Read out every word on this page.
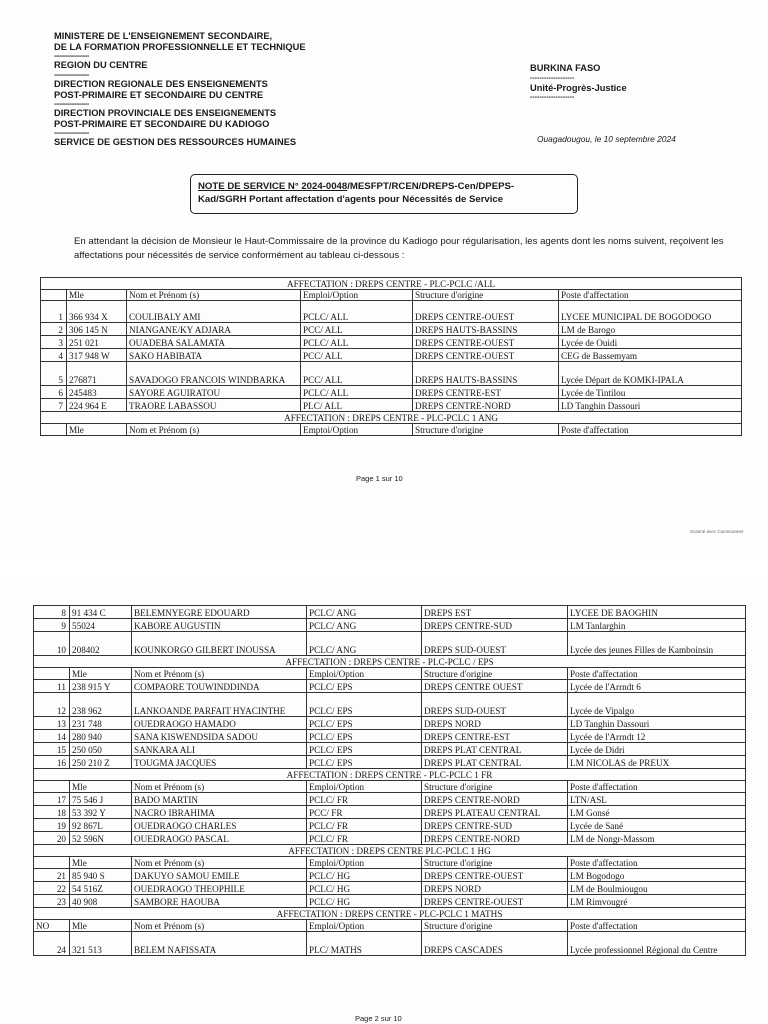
MINISTERE DE L'ENSEIGNEMENT SECONDAIRE,
DE LA FORMATION PROFESSIONNELLE ET TECHNIQUE
-------------------
REGION DU CENTRE
-------------------
DIRECTION REGIONALE DES ENSEIGNEMENTS
POST-PRIMAIRE ET SECONDAIRE DU CENTRE
-------------------
DIRECTION PROVINCIALE DES ENSEIGNEMENTS
POST-PRIMAIRE ET SECONDAIRE DU KADIOGO
-------------------
SERVICE DE GESTION DES RESSOURCES HUMAINES
BURKINA FASO
-------------------
Unité-Progrès-Justice
-------------------
Ouagadougou, le 10 septembre 2024
NOTE DE SERVICE N° 2024-0048/MESFPT/RCEN/DREPS-Cen/DPEPS-
Kad/SGRH Portant affectation d'agents pour Nécessités de Service
En attendant la décision de Monsieur le Haut-Commissaire de la province du Kadiogo pour régularisation, les agents dont les noms suivent, reçoivent les affectations pour nécessités de service conformément au tableau ci-dessous :
AFFECTATION : DREPS CENTRE - PLC-PCLC /ALL					
	Mle	Nom et Prénom (s)	Emploi/Option	Structure d'origine	Poste d'affectation
1	366 934 X	COULIBALY AMI	PCLC/ ALL	DREPS CENTRE-OUEST	LYCEE MUNICIPAL DE BOGODOGO
2	306 145 N	NIANGANE/KY ADJARA	PCC/ ALL	DREPS HAUTS-BASSINS	LM de Barogo
3	251 021	OUADEBA SALAMATA	PCLC/ ALL	DREPS CENTRE-OUEST	Lycée de Ouidi
4	317 948 W	SAKO HABIBATA	PCC/ ALL	DREPS CENTRE-OUEST	CEG de Bassemyam
5	276871	SAVADOGO FRANCOIS WINDBARKA	PCC/ ALL	DREPS HAUTS-BASSINS	Lycée Départ de KOMKI-IPALA
6	245483	SAYORE AGUIRATOU	PCLC/ ALL	DREPS CENTRE-EST	Lycée de Tintilou
7	224 964 E	TRAORE LABASSOU	PLC/ ALL	DREPS CENTRE-NORD	LD Tanghin Dassouri
AFFECTATION : DREPS CENTRE - PLC-PCLC 1 ANG					
	Mle	Nom et Prénom (s)	Emptoi/Option	Structure d'origine	Poste d'affectation
Page 1 sur 10
Scanné avec CamScanner
Page 2 sur 10
8	91 434 C	BELEMNYEGRE EDOUARD	PCLC/ ANG	DREPS EST	LYCEE DE BAOGHIN
9	55024	KABORE AUGUSTIN	PCLC/ ANG	DREPS CENTRE-SUD	LM Tanlarghin
10	208402	KOUNKORGO GILBERT INOUSSA	PCLC/ ANG	DREPS SUD-OUEST	Lycée des jeunes Filles de Kamboinsin
AFFECTATION : DREPS CENTRE - PLC-PCLC / EPS					
	Mle	Nom et Prénom (s)	Emploi/Option	Structure d'origine	Poste d'affectation
11	238 915 Y	COMPAORE TOUWINDDINDA	PCLC/ EPS	DREPS CENTRE OUEST	Lycée de l'Arrndt 6
12	238 962	LANKOANDE PARFAIT HYACINTHE	PCLC/ EPS	DREPS SUD-OUEST	Lycée de Vipalgo
13	231 748	OUEDRAOGO HAMADO	PCLC/ EPS	DREPS NORD	LD Tanghin Dassouri
14	280 940	SANA KISWENDSIDA SADOU	PCLC/ EPS	DREPS CENTRE-EST	Lycée de l'Arrndt 12
15	250 050	SANKARA ALI	PCLC/ EPS	DREPS PLAT CENTRAL	Lycée de Didri
16	250 210 Z	TOUGMA JACQUES	PCLC/ EPS	DREPS PLAT CENTRAL	LM NICOLAS de PREUX
AFFECTATION : DREPS CENTRE - PLC-PCLC 1 FR					
	Mle	Nom et Prénom (s)	Emploi/Option	Structure d'origine	Poste d'affectation
17	75 546 J	BADO MARTIN	PCLC/ FR	DREPS CENTRE-NORD	LTN/ASL
18	53 392 Y	NACRO IBRAHIMA	PCC/ FR	DREPS PLATEAU CENTRAL	LM Gonsé
19	92 867L	OUEDRAOGO CHARLES	PCLC/ FR	DREPS CENTRE-SUD	Lycée de Sané
20	52 596N	OUEDRAOGO PASCAL	PCLC/ FR	DREPS CENTRE-NORD	LM de Nongr-Massom
AFFECTATION : DREPS CENTRE PLC-PCLC 1 HG					
	Mle	Nom et Prénom (s)	Emploi/Option	Structure d'origine	Poste d'affectation
21	85 940 S	DAKUYO SAMOU EMILE	PCLC/ HG	DREPS CENTRE-OUEST	LM Bogodogo
22	54 516Z	OUEDRAOGO THEOPHILE	PCLC/ HG	DREPS NORD	LM de Boulmiougou
23	40 908	SAMBORE HAOUBA	PCLC/ HG	DREPS CENTRE-OUEST	LM Rimvougré
AFFECTATION : DREPS CENTRE - PLC-PCLC 1 MATHS					
NO	Mle	Nom et Prénom (s)	Emploi/Option	Structure d'origine	Poste d'affectation
24	321 513	BELEM NAFISSATA	PLC/ MATHS	DREPS CASCADES	Lycée professionnel Régional du Centre
